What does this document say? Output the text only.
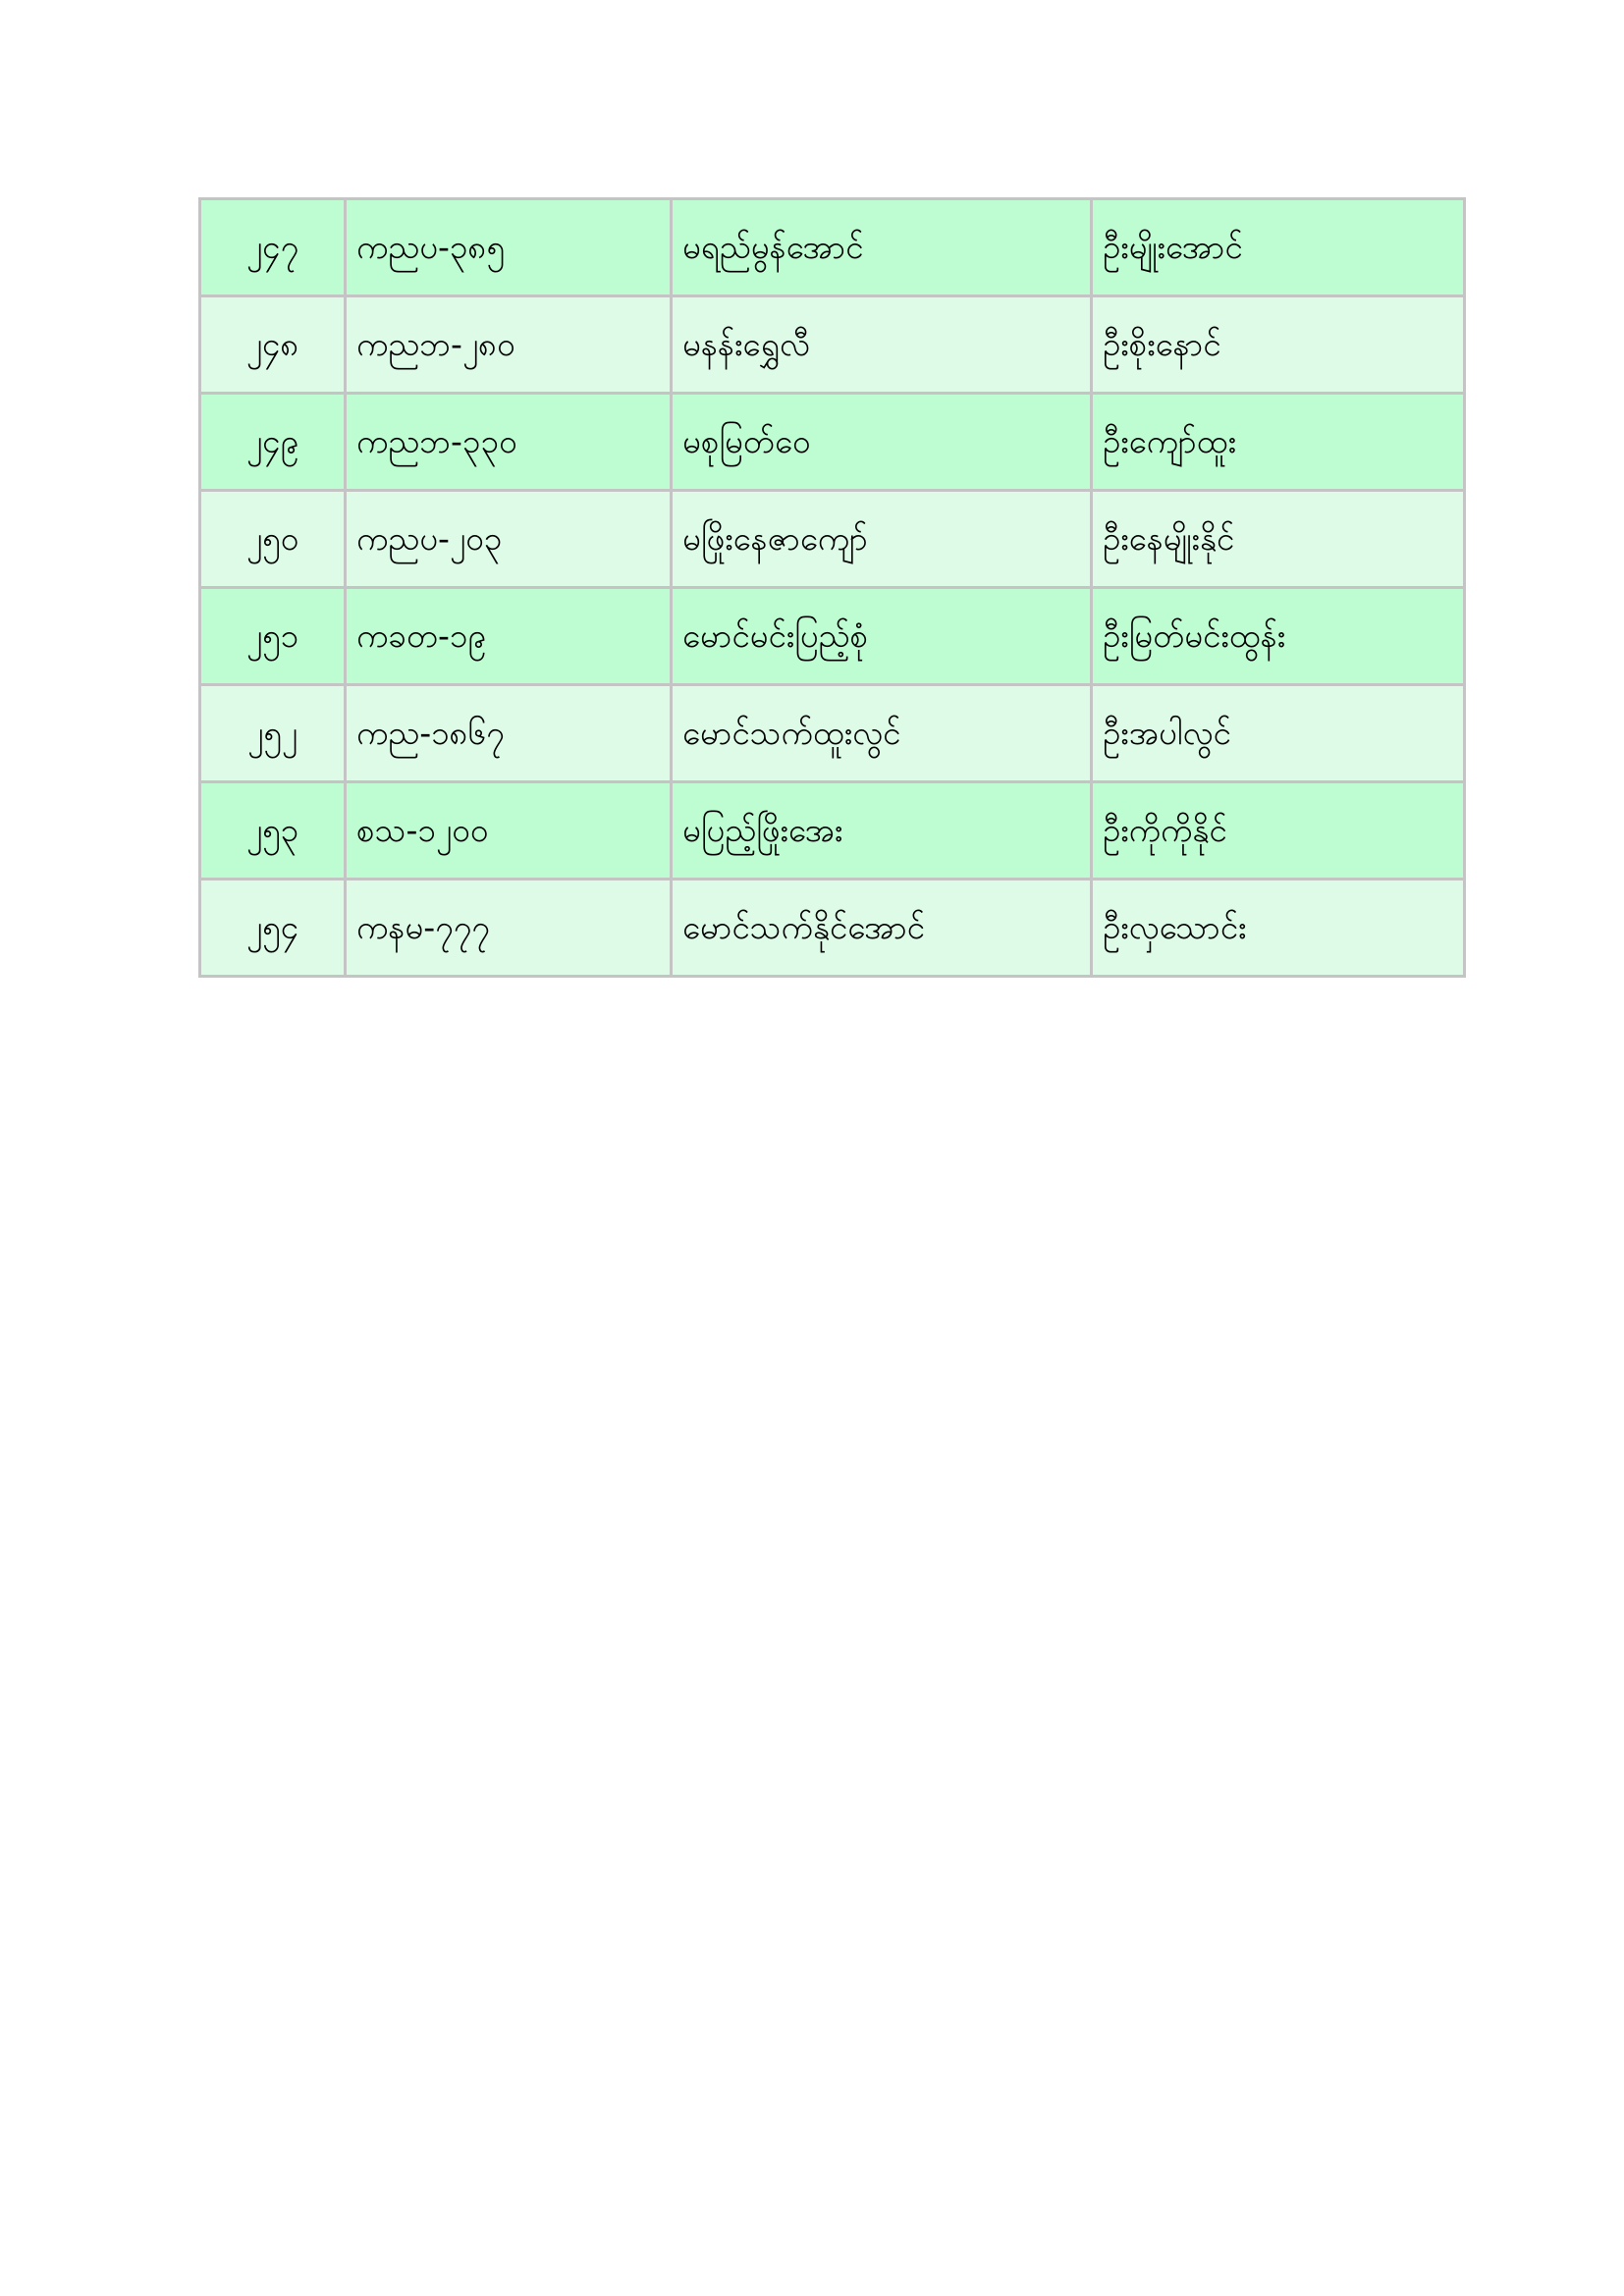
၂၄၇	ကညပ-၃၈၅	မရည်မွန်အောင်	ဦးမျိုးအောင်
၂၄၈	ကညဘ-၂၈၀	မနန်းရွှေလီ	ဦးစိုးနောင်
၂၄၉	ကညဘ-၃၃၀	မစုမြတ်ဝေ	ဦးကျော်ထူး
၂၅၀	ကညပ-၂၀၃	မဖြိုးနေဇာကျော်	ဦးနေမျိုးနိုင်
၂၅၁	ကခတ-၁၉	မောင်မင်းပြည့်စုံ	ဦးမြတ်မင်းထွန်း
၂၅၂	ကည-၁၈၆၇	မောင်သက်ထူးလွင်	ဦးအပါလွင်
၂၅၃	စသ-၁၂၀၀	မပြည့်ဖြိုးအေး	ဦးကိုကိုနိုင်
၂၅၄	ကနမ-၇၇၇	မောင်သက်နိုင်အောင်	ဦးလှသောင်း
